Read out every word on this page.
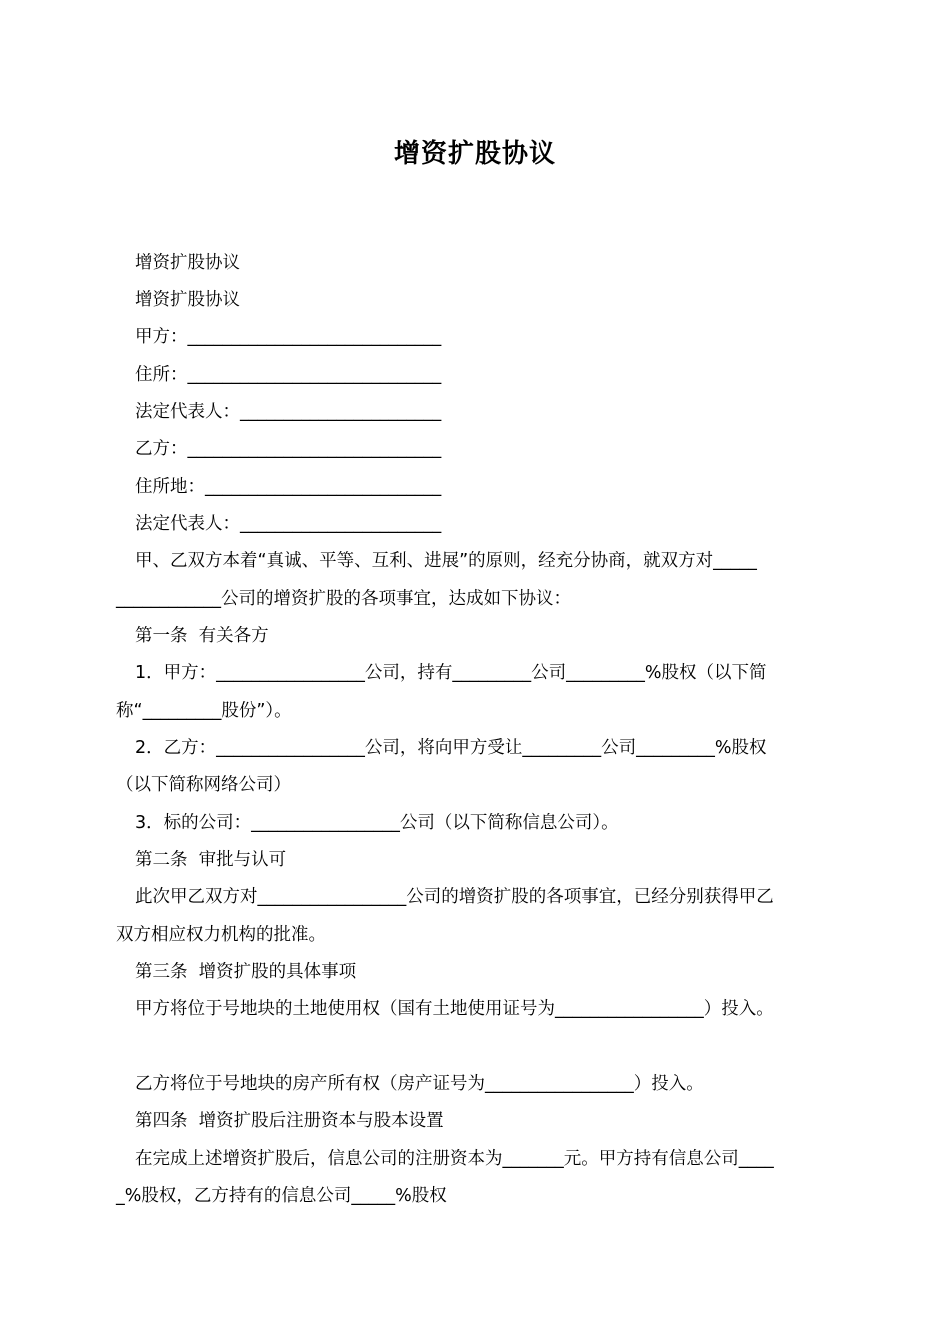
增资扩股协议
增资扩股协议
增资扩股协议
甲方：_____________________________
住所：_____________________________
法定代表人：_______________________
乙方：_____________________________
住所地：___________________________
法定代表人：_______________________
甲、乙双方本着“真诚、平等、互利、进展”的原则，经充分协商，就双方对_____
____________公司的增资扩股的各项事宜，达成如下协议：
第一条  有关各方
1．甲方：_________________公司，持有_________公司_________%股权（以下简
称“_________股份”）。
2．乙方：_________________公司，将向甲方受让_________公司_________%股权
（以下简称网络公司）
3．标的公司：_________________公司（以下简称信息公司）。
第二条  审批与认可
此次甲乙双方对_________________公司的增资扩股的各项事宜，已经分别获得甲乙
双方相应权力机构的批准。
第三条  增资扩股的具体事项
甲方将位于号地块的土地使用权（国有土地使用证号为_________________）投入。
乙方将位于号地块的房产所有权（房产证号为_________________）投入。
第四条  增资扩股后注册资本与股本设置
在完成上述增资扩股后，信息公司的注册资本为_______元。甲方持有信息公司____
_%股权，乙方持有的信息公司_____%股权
